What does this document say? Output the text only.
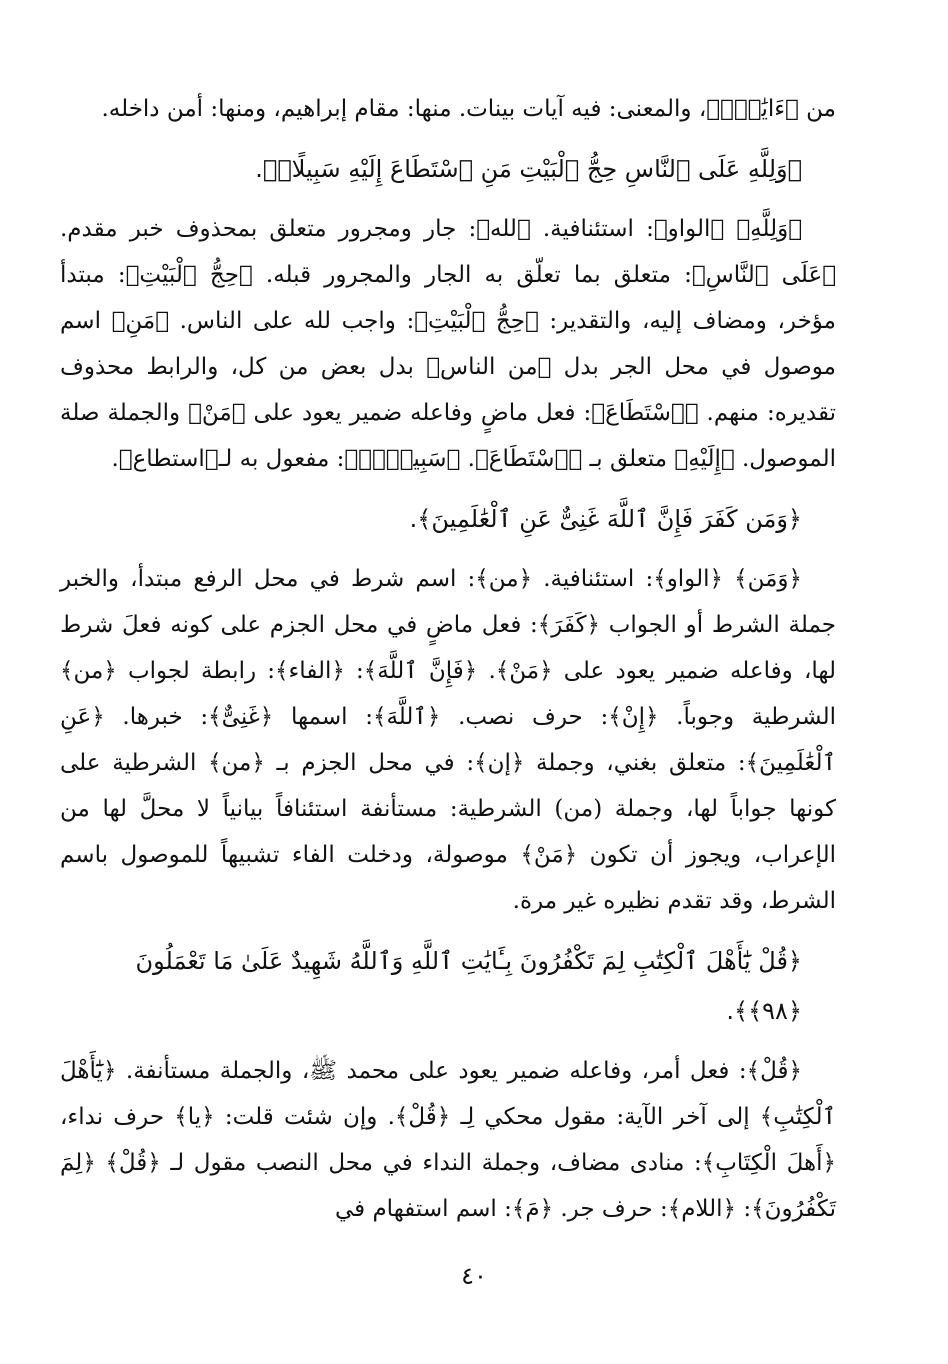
من ﴿ءَايَٰتٌۢ﴾، والمعنى: فيه آيات بينات. منها: مقام إبراهيم، ومنها: أمن داخله.

﴿وَلِلَّهِ عَلَى ٱلنَّاسِ حِجُّ ٱلْبَيْتِ مَنِ ٱسْتَطَاعَ إِلَيْهِ سَبِيلًاۚ﴾.

﴿وَلِلَّهِ﴾ ﴿الواو﴾: استئنافية. ﴿لله﴾: جار ومجرور متعلق بمحذوف خبر مقدم. ﴿عَلَى ٱلنَّاسِ﴾: متعلق بما تعلّق به الجار والمجرور قبله. ﴿حِجُّ ٱلْبَيْتِ﴾: مبتدأ مؤخر، ومضاف إليه، والتقدير: ﴿حِجُّ ٱلْبَيْتِ﴾: واجب لله على الناس. ﴿مَنِ﴾ اسم موصول في محل الجر بدل ﴿من الناس﴾ بدل بعض من كل، والرابط محذوف تقديره: منهم. ﴿ٱسْتَطَاعَ﴾: فعل ماضٍ وفاعله ضمير يعود على ﴿مَنْ﴾ والجملة صلة الموصول. ﴿إِلَيْهِ﴾ متعلق بـ ﴿ٱسْتَطَاعَ﴾. ﴿سَبِيلًاۚ﴾: مفعول به لـ﴿استطاع﴾.

﴿وَمَن كَفَرَ فَإِنَّ ٱللَّهَ غَنِىٌّ عَنِ ٱلْعَٰلَمِينَ﴾.

﴿وَمَن﴾ ﴿الواو﴾: استئنافية. ﴿من﴾: اسم شرط في محل الرفع مبتدأ، والخبر جملة الشرط أو الجواب ﴿كَفَرَ﴾: فعل ماضٍ في محل الجزم على كونه فعلَ شرط لها، وفاعله ضمير يعود على ﴿مَنْ﴾. ﴿فَإِنَّ ٱللَّهَ﴾: ﴿الفاء﴾: رابطة لجواب ﴿من﴾ الشرطية وجوباً. ﴿إِنْ﴾: حرف نصب. ﴿ٱللَّهَ﴾: اسمها ﴿غَنِىٌّ﴾: خبرها. ﴿عَنِ ٱلْعَٰلَمِينَ﴾: متعلق بغني، وجملة ﴿إن﴾: في محل الجزم بـ ﴿من﴾ الشرطية على كونها جواباً لها، وجملة (من) الشرطية: مستأنفة استئنافاً بيانياً لا محلَّ لها من الإعراب، ويجوز أن تكون ﴿مَنْ﴾ موصولة، ودخلت الفاء تشبيهاً للموصول باسم الشرط، وقد تقدم نظيره غير مرة.

﴿قُلْ يَٰٓأَهْلَ ٱلْكِتَٰبِ لِمَ تَكْفُرُونَ بِـَٔايَٰتِ ٱللَّهِ وَٱللَّهُ شَهِيدٌ عَلَىٰ مَا تَعْمَلُونَ ﴿٩٨﴾﴾.

﴿قُلْ﴾: فعل أمر، وفاعله ضمير يعود على محمد ﷺ، والجملة مستأنفة. ﴿يَٰٓأَهْلَ ٱلْكِتَٰبِ﴾ إلى آخر الآية: مقول محكي لِـ ﴿قُلْ﴾. وإن شئت قلت: ﴿يا﴾ حرف نداء، ﴿أَهلَ الْكِتَابِ﴾: منادى مضاف، وجملة النداء في محل النصب مقول لـ ﴿قُلْ﴾ ﴿لِمَ تَكْفُرُونَ﴾: ﴿اللام﴾: حرف جر. ﴿مَ﴾: اسم استفهام في

٤٠
